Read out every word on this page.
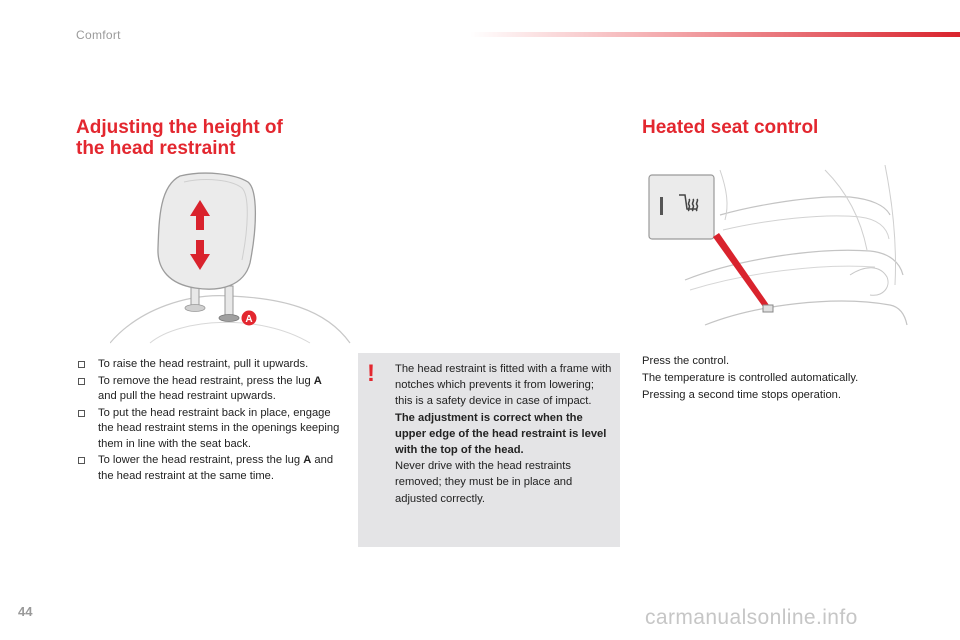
Comfort
Adjusting the height of
the head restraint
A
To raise the head restraint, pull it upwards.
To remove the head restraint, press the lug A and pull the head restraint upwards.
To put the head restraint back in place, engage the head restraint stems in the openings keeping them in line with the seat back.
To lower the head restraint, press the lug A and the head restraint at the same time.
! The head restraint is fitted with a frame with notches which prevents it from lowering; this is a safety device in case of impact.
The adjustment is correct when the upper edge of the head restraint is level with the top of the head.
Never drive with the head restraints removed; they must be in place and adjusted correctly.
Heated seat control
Press the control.
The temperature is controlled automatically.
Pressing a second time stops operation.
44	carmanualsonline.info
